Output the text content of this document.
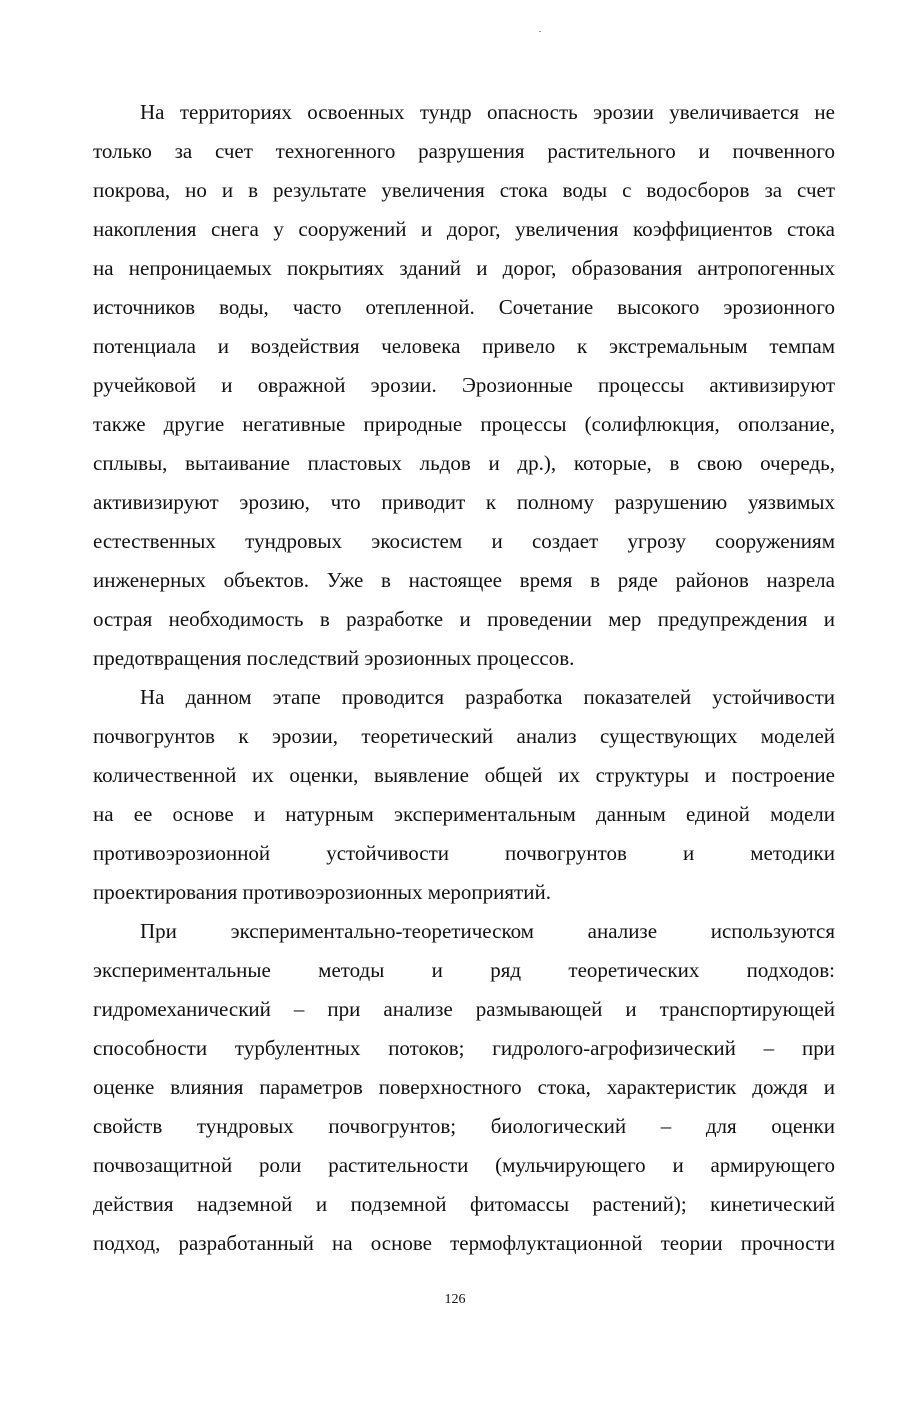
На территориях освоенных тундр опасность эрозии увеличивается не
только за счет техногенного разрушения растительного и почвенного
покрова, но и в результате увеличения стока воды с водосборов за счет
накопления снега у сооружений и дорог, увеличения коэффициентов стока
на непроницаемых покрытиях зданий и дорог, образования антропогенных
источников воды, часто отепленной. Сочетание высокого эрозионного
потенциала и воздействия человека привело к экстремальным темпам
ручейковой и овражной эрозии. Эрозионные процессы активизируют
также другие негативные природные процессы (солифлюкция, оползание,
сплывы, вытаивание пластовых льдов и др.), которые, в свою очередь,
активизируют эрозию, что приводит к полному разрушению уязвимых
естественных тундровых экосистем и создает угрозу сооружениям
инженерных объектов. Уже в настоящее время в ряде районов назрела
острая необходимость в разработке и проведении мер предупреждения и
предотвращения последствий эрозионных процессов.
На данном этапе проводится разработка показателей устойчивости
почвогрунтов к эрозии, теоретический анализ существующих моделей
количественной их оценки, выявление общей их структуры и построение
на ее основе и натурным экспериментальным данным единой модели
противоэрозионной устойчивости почвогрунтов и методики
проектирования противоэрозионных мероприятий.
При экспериментально-теоретическом анализе используются
экспериментальные методы и ряд теоретических подходов:
гидромеханический – при анализе размывающей и транспортирующей
способности турбулентных потоков; гидролого-агрофизический – при
оценке влияния параметров поверхностного стока, характеристик дождя и
свойств тундровых почвогрунтов; биологический – для оценки
почвозащитной роли растительности (мульчирующего и армирующего
действия надземной и подземной фитомассы растений); кинетический
подход, разработанный на основе термофлуктационной теории прочности
126
